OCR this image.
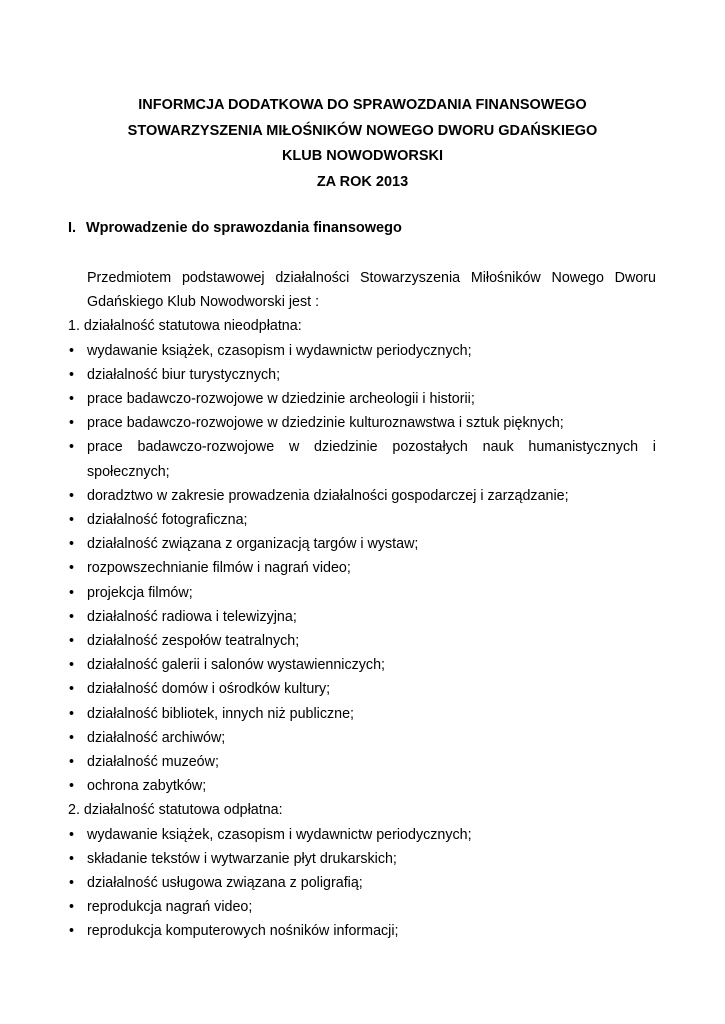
INFORMCJA DODATKOWA DO SPRAWOZDANIA FINANSOWEGO
STOWARZYSZENIA MIŁOŚNIKÓW NOWEGO DWORU GDAŃSKIEGO
KLUB NOWODWORSKI
ZA ROK 2013
I. Wprowadzenie do sprawozdania finansowego
Przedmiotem podstawowej działalności Stowarzyszenia Miłośników Nowego Dworu
Gdańskiego Klub Nowodworski jest :
1. działalność statutowa nieodpłatna:
• wydawanie książek, czasopism i wydawnictw periodycznych;
• działalność biur turystycznych;
• prace badawczo-rozwojowe w dziedzinie archeologii i historii;
• prace badawczo-rozwojowe w dziedzinie kulturoznawstwa i sztuk pięknych;
• prace badawczo-rozwojowe w dziedzinie pozostałych nauk humanistycznych i
społecznych;
• doradztwo w zakresie prowadzenia działalności gospodarczej i zarządzanie;
• działalność fotograficzna;
• działalność związana z organizacją targów i wystaw;
• rozpowszechnianie filmów i nagrań video;
• projekcja filmów;
• działalność radiowa i telewizyjna;
• działalność zespołów teatralnych;
• działalność galerii i salonów wystawienniczych;
• działalność domów i ośrodków kultury;
• działalność bibliotek, innych niż publiczne;
• działalność archiwów;
• działalność muzeów;
• ochrona zabytków;
2. działalność statutowa odpłatna:
• wydawanie książek, czasopism i wydawnictw periodycznych;
• składanie tekstów i wytwarzanie płyt drukarskich;
• działalność usługowa związana z poligrafią;
• reprodukcja nagrań video;
• reprodukcja komputerowych nośników informacji;
